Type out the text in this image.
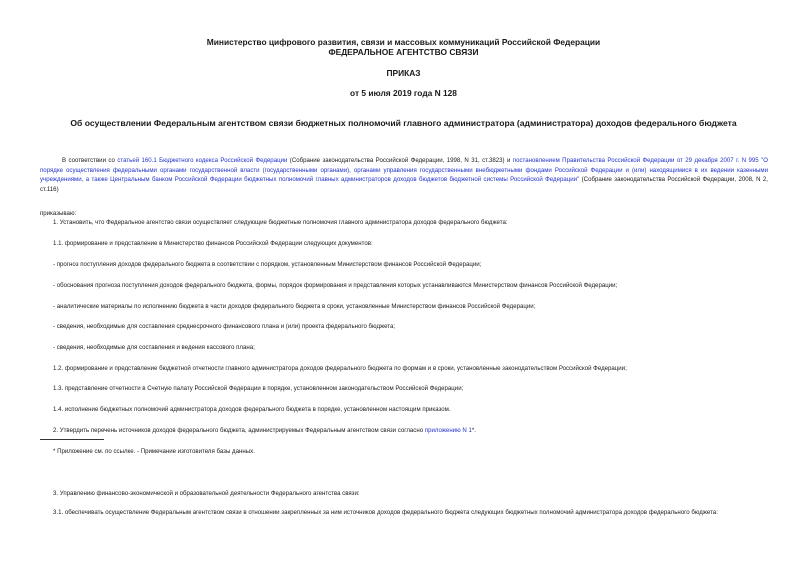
Министерство цифрового развития, связи и массовых коммуникаций Российской Федерации
ФЕДЕРАЛЬНОЕ АГЕНТСТВО СВЯЗИ
ПРИКАЗ
от 5 июля 2019 года N 128
Об осуществлении Федеральным агентством связи бюджетных полномочий главного администратора (администратора) доходов федерального бюджета
В соответствии со статьей 160.1 Бюджетного кодекса Российской Федерации (Собрание законодательства Российской Федерации, 1998, N 31, ст.3823) и постановлением Правительства Российской Федерации от 29 декабря 2007 г. N 995 "О порядке осуществления федеральными органами государственной власти (государственными органами), органами управления государственными внебюджетными фондами Российской Федерации и (или) находящимися в их ведении казенными учреждениями, а также Центральным банком Российской Федерации бюджетных полномочий главных администраторов доходов бюджетов бюджетной системы Российской Федерации" (Собрание законодательства Российской Федерации, 2008, N 2, ст.116)
приказываю:
1. Установить, что Федеральное агентство связи осуществляет следующие бюджетные полномочия главного администратора доходов федерального бюджета:
1.1. формирование и представление в Министерство финансов Российской Федерации следующих документов:
- прогноз поступления доходов федерального бюджета в соответствии с порядком, установленным Министерством финансов Российской Федерации;
- обоснования прогноза поступления доходов федерального бюджета, формы, порядок формирования и представления которых устанавливаются Министерством финансов Российской Федерации;
- аналитические материалы по исполнению бюджета в части доходов федерального бюджета в сроки, установленные Министерством финансов Российской Федерации;
- сведения, необходимые для составления среднесрочного финансового плана и (или) проекта федерального бюджета;
- сведения, необходимые для составления и ведения кассового плана;
1.2. формирование и представление бюджетной отчетности главного администратора доходов федерального бюджета по формам и в сроки, установленные законодательством Российской Федерации;
1.3. представление отчетности в Счетную палату Российской Федерации в порядке, установленном законодательством Российской Федерации;
1.4. исполнение бюджетных полномочий администратора доходов федерального бюджета в порядке, установленном настоящим приказом.
2. Утвердить перечень источников доходов федерального бюджета, администрируемых Федеральным агентством связи согласно приложению N 1*.
* Приложение см. по ссылке. - Примечание изготовителя базы данных.
3. Управлению финансово-экономической и образовательной деятельности Федерального агентства связи:
3.1. обеспечивать осуществление Федеральным агентством связи в отношении закрепленных за ним источников доходов федерального бюджета следующих бюджетных полномочий администратора доходов федерального бюджета:
